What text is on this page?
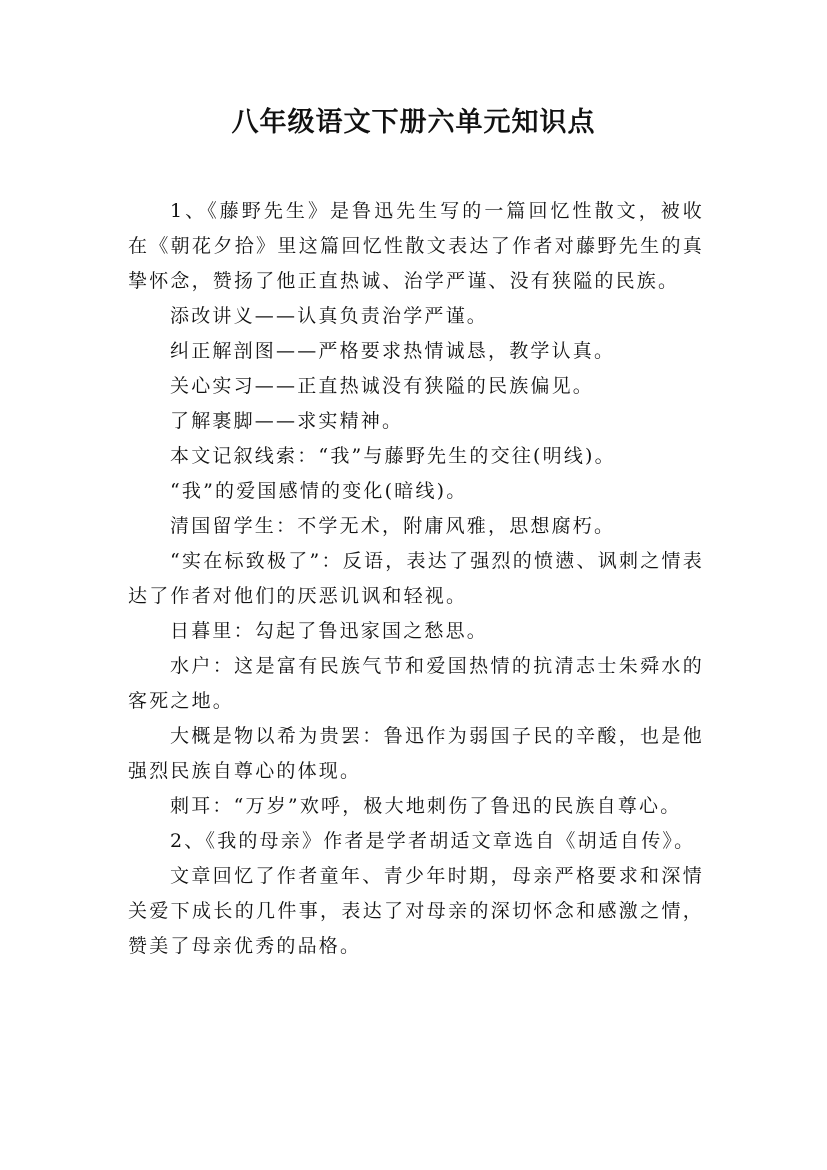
八年级语文下册六单元知识点

1、《藤野先生》是鲁迅先生写的一篇回忆性散文，被收在《朝花夕拾》里这篇回忆性散文表达了作者对藤野先生的真挚怀念，赞扬了他正直热诚、治学严谨、没有狭隘的民族。

添改讲义——认真负责治学严谨。

纠正解剖图——严格要求热情诚恳，教学认真。

关心实习——正直热诚没有狭隘的民族偏见。

了解裹脚——求实精神。

本文记叙线索：“我”与藤野先生的交往(明线)。

“我”的爱国感情的变化(暗线)。

清国留学生：不学无术，附庸风雅，思想腐朽。

“实在标致极了”：反语，表达了强烈的愤懑、讽刺之情表达了作者对他们的厌恶讥讽和轻视。

日暮里：勾起了鲁迅家国之愁思。

水户：这是富有民族气节和爱国热情的抗清志士朱舜水的客死之地。

大概是物以希为贵罢：鲁迅作为弱国子民的辛酸，也是他强烈民族自尊心的体现。

刺耳：“万岁”欢呼，极大地刺伤了鲁迅的民族自尊心。

2、《我的母亲》作者是学者胡适文章选自《胡适自传》。

文章回忆了作者童年、青少年时期，母亲严格要求和深情关爱下成长的几件事，表达了对母亲的深切怀念和感激之情，赞美了母亲优秀的品格。
